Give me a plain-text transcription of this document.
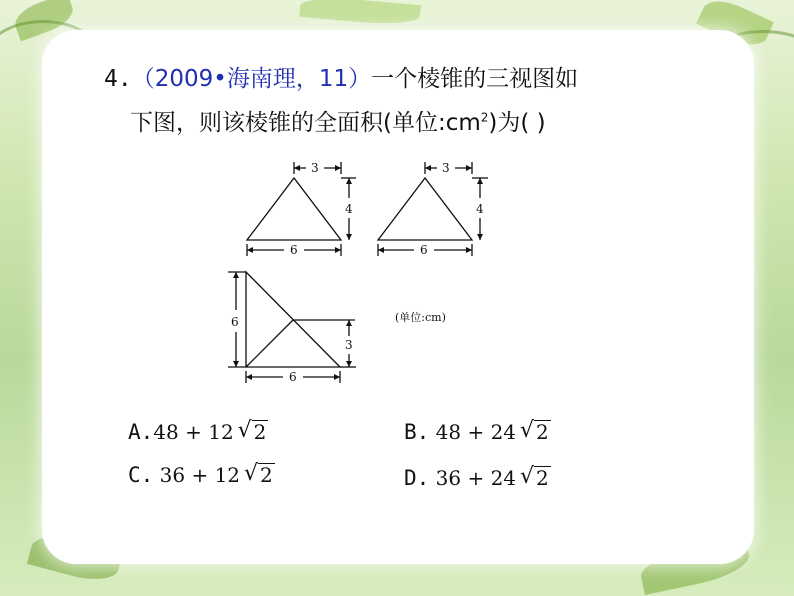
4.（2009•海南理，11）一个棱锥的三视图如
下图，则该棱锥的全面积(单位$:cm^2$)为( )
3
4
6
3
4
6
6
3
6
(单位:cm)
A.48 + 12 √ 2	B. 48 + 24 √ 2
C. 36 + 12 √ 2	D. 36 + 24 √ 2
